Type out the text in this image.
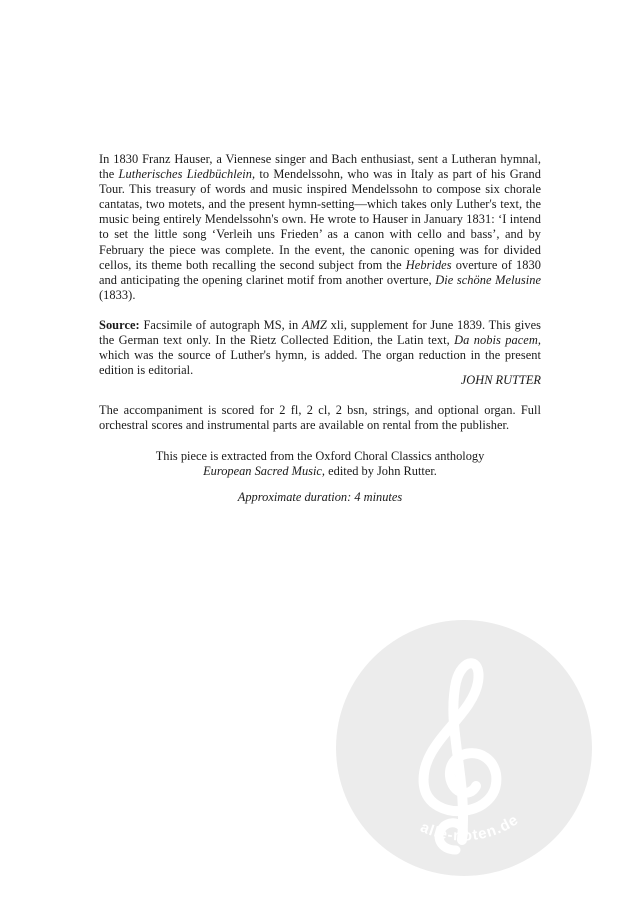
In 1830 Franz Hauser, a Viennese singer and Bach enthusiast, sent a Lutheran hymnal, the Lutherisches Liedbüchlein, to Mendelssohn, who was in Italy as part of his Grand Tour. This treasury of words and music inspired Mendelssohn to compose six chorale cantatas, two motets, and the present hymn-setting—which takes only Luther's text, the music being entirely Mendelssohn's own. He wrote to Hauser in January 1831: ‘I intend to set the little song ‘Verleih uns Frieden’ as a canon with cello and bass’, and by February the piece was complete. In the event, the canonic opening was for divided cellos, its theme both recalling the second subject from the Hebrides overture of 1830 and anticipating the opening clarinet motif from another overture, Die schöne Melusine (1833).

Source: Facsimile of autograph MS, in AMZ xli, supplement for June 1839. This gives the German text only. In the Rietz Collected Edition, the Latin text, Da nobis pacem, which was the source of Luther's hymn, is added. The organ reduction in the present edition is editorial.

JOHN RUTTER

The accompaniment is scored for 2 fl, 2 cl, 2 bsn, strings, and optional organ. Full orchestral scores and instrumental parts are available on rental from the publisher.

This piece is extracted from the Oxford Choral Classics anthology
European Sacred Music, edited by John Rutter.
Approximate duration: 4 minutes
alle-noten.de
